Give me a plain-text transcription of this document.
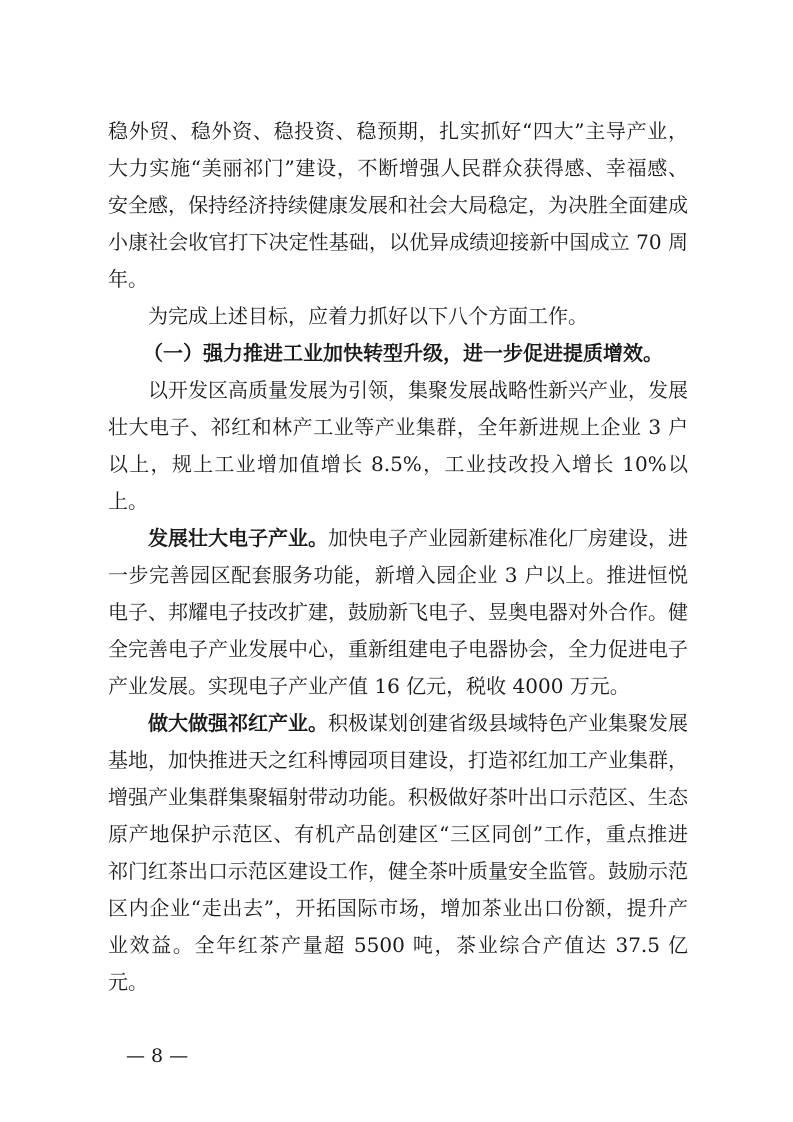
稳外贸、稳外资、稳投资、稳预期，扎实抓好“四大”主导产业，大力实施“美丽祁门”建设，不断增强人民群众获得感、幸福感、安全感，保持经济持续健康发展和社会大局稳定，为决胜全面建成小康社会收官打下决定性基础，以优异成绩迎接新中国成立 70 周年。

为完成上述目标，应着力抓好以下八个方面工作。

（一）强力推进工业加快转型升级，进一步促进提质增效。

以开发区高质量发展为引领，集聚发展战略性新兴产业，发展壮大电子、祁红和林产工业等产业集群，全年新进规上企业 3 户以上，规上工业增加值增长 8.5%，工业技改投入增长 10%以上。

发展壮大电子产业。加快电子产业园新建标准化厂房建设，进一步完善园区配套服务功能，新增入园企业 3 户以上。推进恒悦电子、邦耀电子技改扩建，鼓励新飞电子、昱奥电器对外合作。健全完善电子产业发展中心，重新组建电子电器协会，全力促进电子产业发展。实现电子产业产值 16 亿元，税收 4000 万元。

做大做强祁红产业。积极谋划创建省级县域特色产业集聚发展基地，加快推进天之红科博园项目建设，打造祁红加工产业集群，增强产业集群集聚辐射带动功能。积极做好茶叶出口示范区、生态原产地保护示范区、有机产品创建区“三区同创”工作，重点推进祁门红茶出口示范区建设工作，健全茶叶质量安全监管。鼓励示范区内企业“走出去”，开拓国际市场，增加茶业出口份额，提升产业效益。全年红茶产量超 5500 吨，茶业综合产值达 37.5 亿元。

— 8 —
